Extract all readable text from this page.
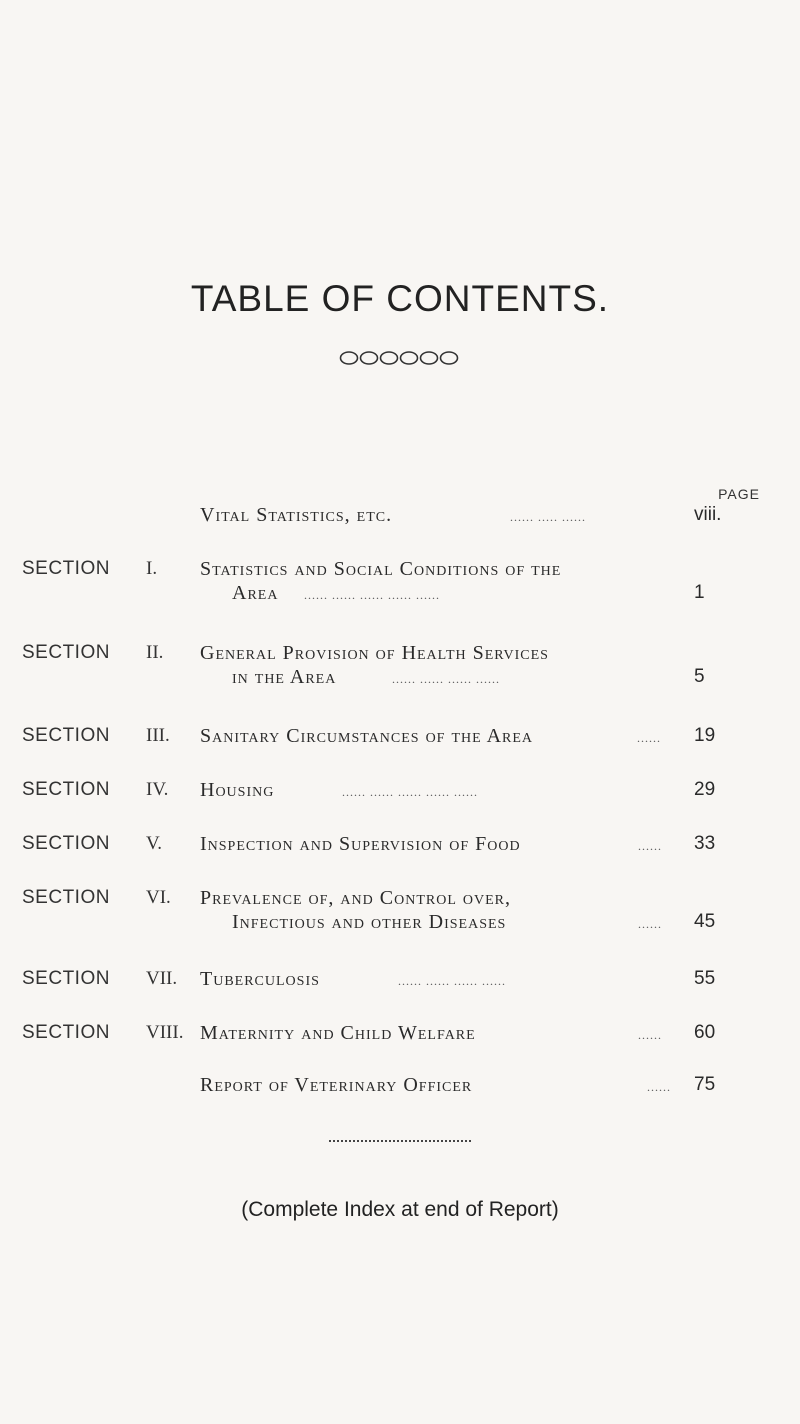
TABLE OF CONTENTS.
PAGE
Vital Statistics, etc.	...... ..... ......	viii.
SECTION I. Statistics and Social Conditions of the
Area ...... ...... ...... ...... ......	1
SECTION II. General Provision of Health Services
in the Area	...... ...... ...... ......	5
SECTION III. Sanitary Circumstances of the Area	...... 19
SECTION IV. Housing	...... ...... ...... ...... ......	29
SECTION V. Inspection and Supervision of Food	...... 33
SECTION VI. Prevalence of, and Control over,
Infectious and other Diseases	...... 45
SECTION VII. Tuberculosis	...... ...... ...... ......	55
SECTION VIII. Maternity and Child Welfare	...... 60
Report of Veterinary Officer	...... 75
(Complete Index at end of Report)
